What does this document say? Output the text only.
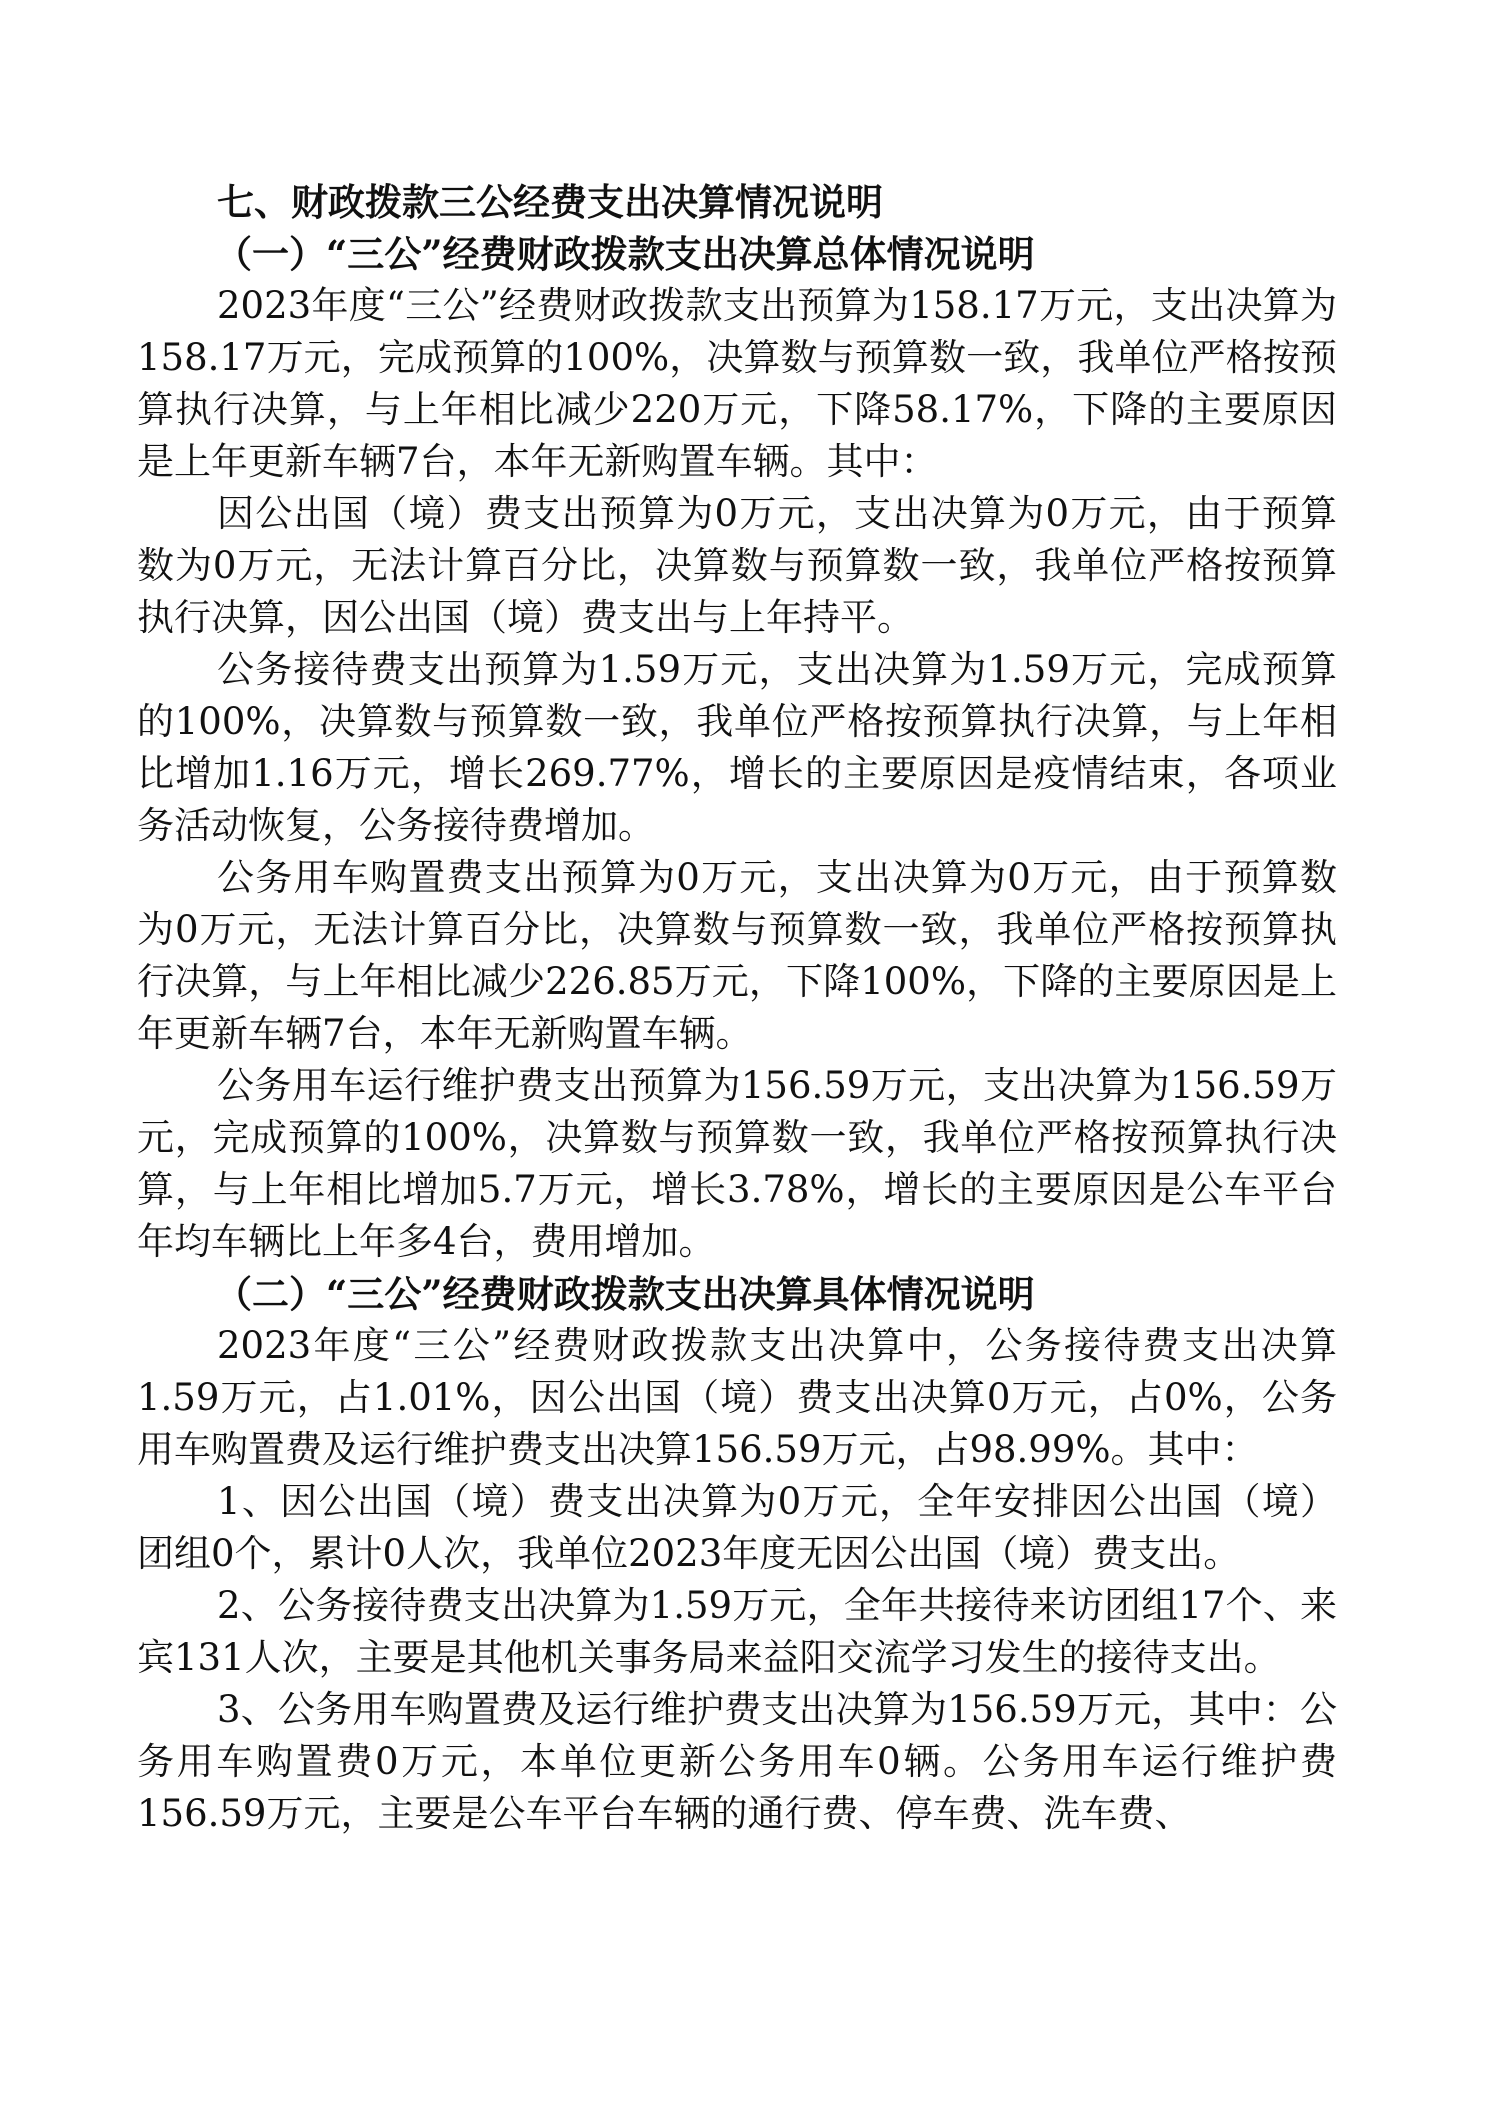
七、财政拨款三公经费支出决算情况说明

（一）“三公”经费财政拨款支出决算总体情况说明

2023年度“三公”经费财政拨款支出预算为158.17万元，支出决算为158.17万元，完成预算的100%，决算数与预算数一致，我单位严格按预算执行决算，与上年相比减少220万元，下降58.17%，下降的主要原因是上年更新车辆7台，本年无新购置车辆。其中：

因公出国（境）费支出预算为0万元，支出决算为0万元，由于预算数为0万元，无法计算百分比，决算数与预算数一致，我单位严格按预算执行决算，因公出国（境）费支出与上年持平。

公务接待费支出预算为1.59万元，支出决算为1.59万元，完成预算的100%，决算数与预算数一致，我单位严格按预算执行决算，与上年相比增加1.16万元，增长269.77%，增长的主要原因是疫情结束，各项业务活动恢复，公务接待费增加。

公务用车购置费支出预算为0万元，支出决算为0万元，由于预算数为0万元，无法计算百分比，决算数与预算数一致，我单位严格按预算执行决算，与上年相比减少226.85万元，下降100%，下降的主要原因是上年更新车辆7台，本年无新购置车辆。

公务用车运行维护费支出预算为156.59万元，支出决算为156.59万元，完成预算的100%，决算数与预算数一致，我单位严格按预算执行决算，与上年相比增加5.7万元，增长3.78%，增长的主要原因是公车平台年均车辆比上年多4台，费用增加。

（二）“三公”经费财政拨款支出决算具体情况说明

2023年度“三公”经费财政拨款支出决算中，公务接待费支出决算1.59万元，占1.01%，因公出国（境）费支出决算0万元，占0%，公务用车购置费及运行维护费支出决算156.59万元，占98.99%。其中：

1、因公出国（境）费支出决算为0万元，全年安排因公出国（境）团组0个，累计0人次，我单位2023年度无因公出国（境）费支出。

2、公务接待费支出决算为1.59万元，全年共接待来访团组17个、来宾131人次，主要是其他机关事务局来益阳交流学习发生的接待支出。

3、公务用车购置费及运行维护费支出决算为156.59万元，其中：公务用车购置费0万元，本单位更新公务用车0辆。公务用车运行维护费156.59万元，主要是公车平台车辆的通行费、停车费、洗车费、
